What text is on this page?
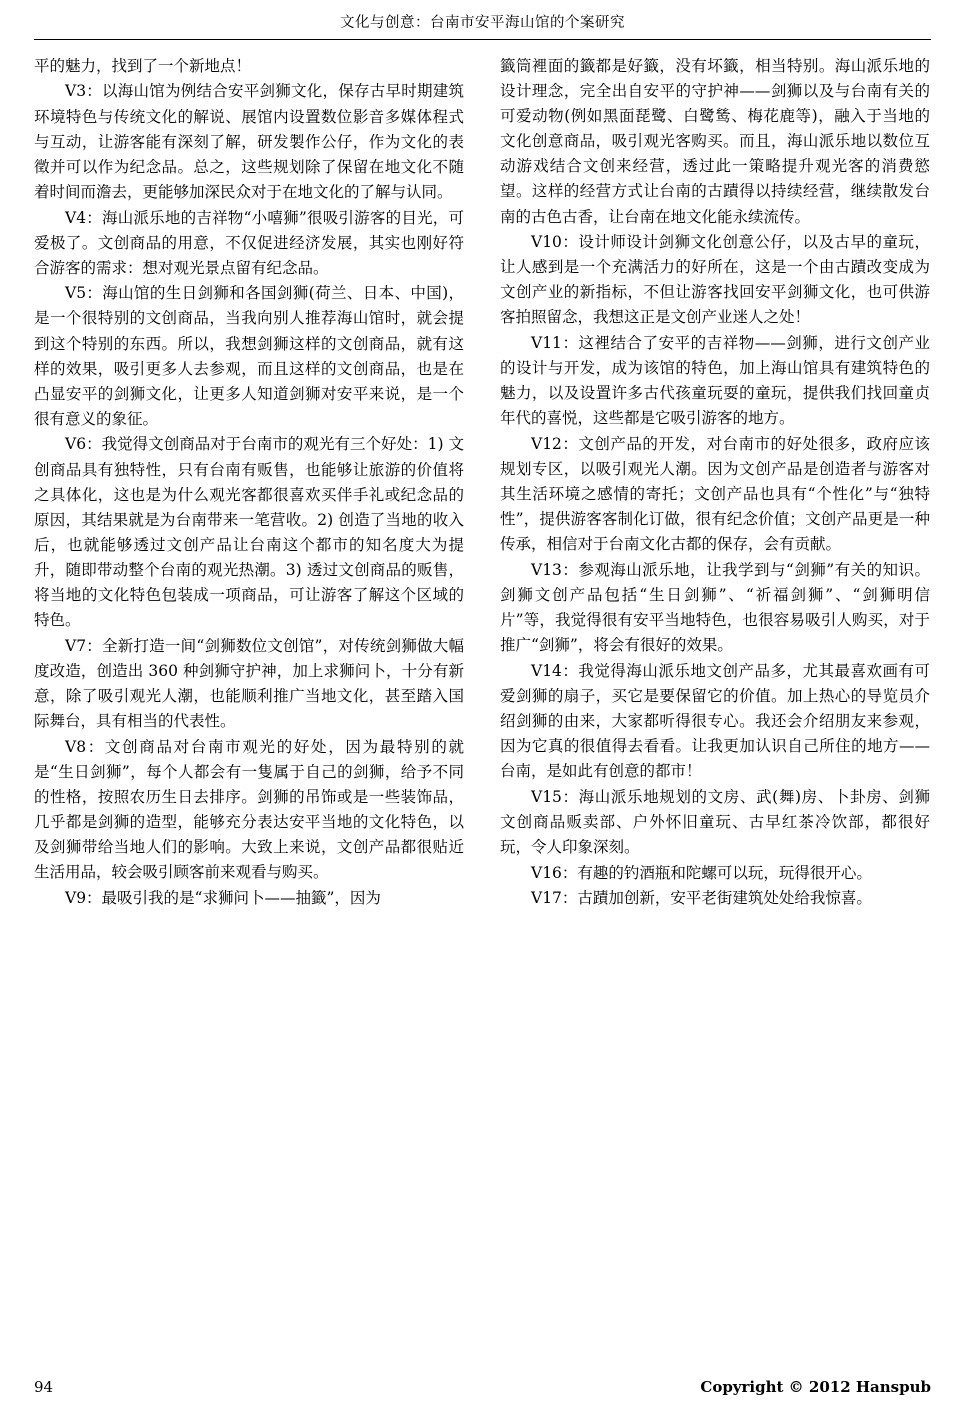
文化与创意：台南市安平海山馆的个案研究

平的魅力，找到了一个新地点！

V3：以海山馆为例结合安平剑狮文化，保存古早时期建筑环境特色与传统文化的解说、展馆内设置数位影音多媒体程式与互动，让游客能有深刻了解，研发製作公仔，作为文化的表徵并可以作为纪念品。总之，这些规划除了保留在地文化不随着时间而澹去，更能够加深民众对于在地文化的了解与认同。

V4：海山派乐地的吉祥物“小嘻狮”很吸引游客的目光，可爱极了。文创商品的用意，不仅促进经济发展，其实也刚好符合游客的需求：想对观光景点留有纪念品。

V5：海山馆的生日剑狮和各国剑狮(荷兰、日本、中国)，是一个很特别的文创商品，当我向别人推荐海山馆时，就会提到这个特别的东西。所以，我想剑狮这样的文创商品，就有这样的效果，吸引更多人去参观，而且这样的文创商品，也是在凸显安平的剑狮文化，让更多人知道剑狮对安平来说，是一个很有意义的象征。

V6：我觉得文创商品对于台南市的观光有三个好处：1) 文创商品具有独特性，只有台南有贩售，也能够让旅游的价值将之具体化，这也是为什么观光客都很喜欢买伴手礼或纪念品的原因，其结果就是为台南带来一笔营收。2) 创造了当地的收入后，也就能够透过文创产品让台南这个都市的知名度大为提升，随即带动整个台南的观光热潮。3) 透过文创商品的贩售，将当地的文化特色包装成一项商品，可让游客了解这个区域的特色。

V7：全新打造一间“剑狮数位文创馆”，对传统剑狮做大幅度改造，创造出 360 种剑狮守护神，加上求狮问卜，十分有新意，除了吸引观光人潮，也能顺利推广当地文化，甚至踏入国际舞台，具有相当的代表性。

V8：文创商品对台南市观光的好处，因为最特别的就是“生日剑狮”，每个人都会有一隻属于自己的剑狮，给予不同的性格，按照农历生日去排序。剑狮的吊饰或是一些装饰品，几乎都是剑狮的造型，能够充分表达安平当地的文化特色，以及剑狮带给当地人们的影响。大致上来说，文创产品都很贴近生活用品，较会吸引顾客前来观看与购买。

V9：最吸引我的是“求狮问卜——抽籤”，因为

籤筒裡面的籤都是好籤，没有坏籤，相当特别。海山派乐地的设计理念，完全出自安平的守护神——剑狮以及与台南有关的可爱动物(例如黑面琵鹭、白鹭鸶、梅花鹿等)，融入于当地的文化创意商品，吸引观光客购买。而且，海山派乐地以数位互动游戏结合文创来经营，透过此一策略提升观光客的消费慾望。这样的经营方式让台南的古蹟得以持续经营，继续散发台南的古色古香，让台南在地文化能永续流传。

V10：设计师设计剑狮文化创意公仔，以及古早的童玩，让人感到是一个充满活力的好所在，这是一个由古蹟改变成为文创产业的新指标，不但让游客找回安平剑狮文化，也可供游客拍照留念，我想这正是文创产业迷人之处！

V11：这裡结合了安平的吉祥物——剑狮，进行文创产业的设计与开发，成为该馆的特色，加上海山馆具有建筑特色的魅力，以及设置许多古代孩童玩耍的童玩，提供我们找回童贞年代的喜悦，这些都是它吸引游客的地方。

V12：文创产品的开发，对台南市的好处很多，政府应该规划专区，以吸引观光人潮。因为文创产品是创造者与游客对其生活环境之感情的寄托；文创产品也具有“个性化”与“独特性”，提供游客客制化订做，很有纪念价值；文创产品更是一种传承，相信对于台南文化古都的保存，会有贡献。

V13：参观海山派乐地，让我学到与“剑狮”有关的知识。剑狮文创产品包括“生日剑狮”、“祈福剑狮”、“剑狮明信片”等，我觉得很有安平当地特色，也很容易吸引人购买，对于推广“剑狮”，将会有很好的效果。

V14：我觉得海山派乐地文创产品多，尤其最喜欢画有可爱剑狮的扇子，买它是要保留它的价值。加上热心的导览员介绍剑狮的由来，大家都听得很专心。我还会介绍朋友来参观，因为它真的很值得去看看。让我更加认识自己所住的地方——台南，是如此有创意的都市！

V15：海山派乐地规划的文房、武(舞)房、卜卦房、剑狮文创商品贩卖部、户外怀旧童玩、古早红茶冷饮部，都很好玩，令人印象深刻。

V16：有趣的钓酒瓶和陀螺可以玩，玩得很开心。

V17：古蹟加创新，安平老街建筑处处给我惊喜。

94	Copyright © 2012 Hanspub
